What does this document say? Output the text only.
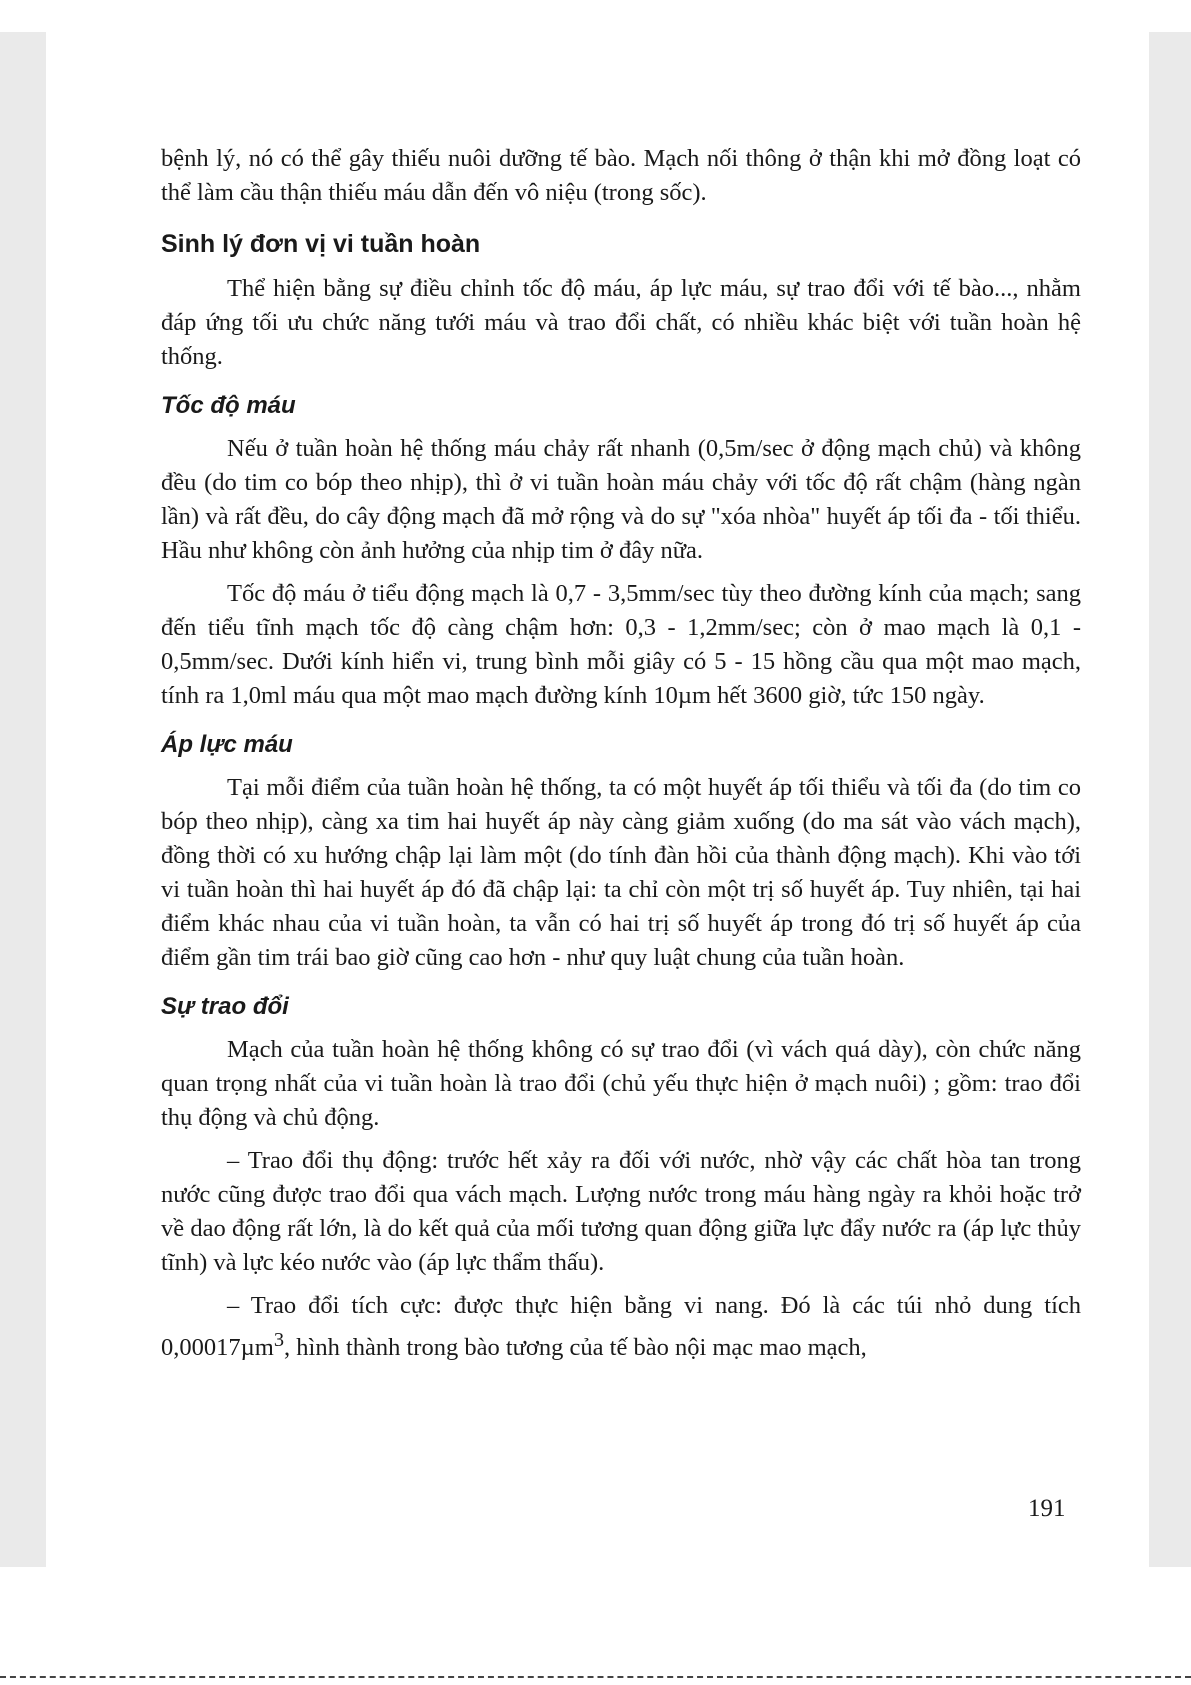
bệnh lý, nó có thể gây thiếu nuôi dưỡng tế bào. Mạch nối thông ở thận khi mở đồng loạt có thể làm cầu thận thiếu máu dẫn đến vô niệu (trong sốc).

Sinh lý đơn vị vi tuần hoàn

Thể hiện bằng sự điều chỉnh tốc độ máu, áp lực máu, sự trao đổi với tế bào..., nhằm đáp ứng tối ưu chức năng tưới máu và trao đổi chất, có nhiều khác biệt với tuần hoàn hệ thống.

Tốc độ máu

Nếu ở tuần hoàn hệ thống máu chảy rất nhanh (0,5m/sec ở động mạch chủ) và không đều (do tim co bóp theo nhịp), thì ở vi tuần hoàn máu chảy với tốc độ rất chậm (hàng ngàn lần) và rất đều, do cây động mạch đã mở rộng và do sự "xóa nhòa" huyết áp tối đa - tối thiểu. Hầu như không còn ảnh hưởng của nhịp tim ở đây nữa.

Tốc độ máu ở tiểu động mạch là 0,7 - 3,5mm/sec tùy theo đường kính của mạch; sang đến tiểu tĩnh mạch tốc độ càng chậm hơn: 0,3 - 1,2mm/sec; còn ở mao mạch là 0,1 - 0,5mm/sec. Dưới kính hiển vi, trung bình mỗi giây có 5 - 15 hồng cầu qua một mao mạch, tính ra 1,0ml máu qua một mao mạch đường kính 10µm hết 3600 giờ, tức 150 ngày.

Áp lực máu

Tại mỗi điểm của tuần hoàn hệ thống, ta có một huyết áp tối thiểu và tối đa (do tim co bóp theo nhịp), càng xa tim hai huyết áp này càng giảm xuống (do ma sát vào vách mạch), đồng thời có xu hướng chập lại làm một (do tính đàn hồi của thành động mạch). Khi vào tới vi tuần hoàn thì hai huyết áp đó đã chập lại: ta chỉ còn một trị số huyết áp. Tuy nhiên, tại hai điểm khác nhau của vi tuần hoàn, ta vẫn có hai trị số huyết áp trong đó trị số huyết áp của điểm gần tim trái bao giờ cũng cao hơn - như quy luật chung của tuần hoàn.

Sự trao đổi

Mạch của tuần hoàn hệ thống không có sự trao đổi (vì vách quá dày), còn chức năng quan trọng nhất của vi tuần hoàn là trao đổi (chủ yếu thực hiện ở mạch nuôi) ; gồm: trao đổi thụ động và chủ động.

– Trao đổi thụ động: trước hết xảy ra đối với nước, nhờ vậy các chất hòa tan trong nước cũng được trao đổi qua vách mạch. Lượng nước trong máu hàng ngày ra khỏi hoặc trở về dao động rất lớn, là do kết quả của mối tương quan động giữa lực đẩy nước ra (áp lực thủy tĩnh) và lực kéo nước vào (áp lực thẩm thấu).

– Trao đổi tích cực: được thực hiện bằng vi nang. Đó là các túi nhỏ dung tích 0,00017µm$^3$, hình thành trong bào tương của tế bào nội mạc mao mạch,

191
